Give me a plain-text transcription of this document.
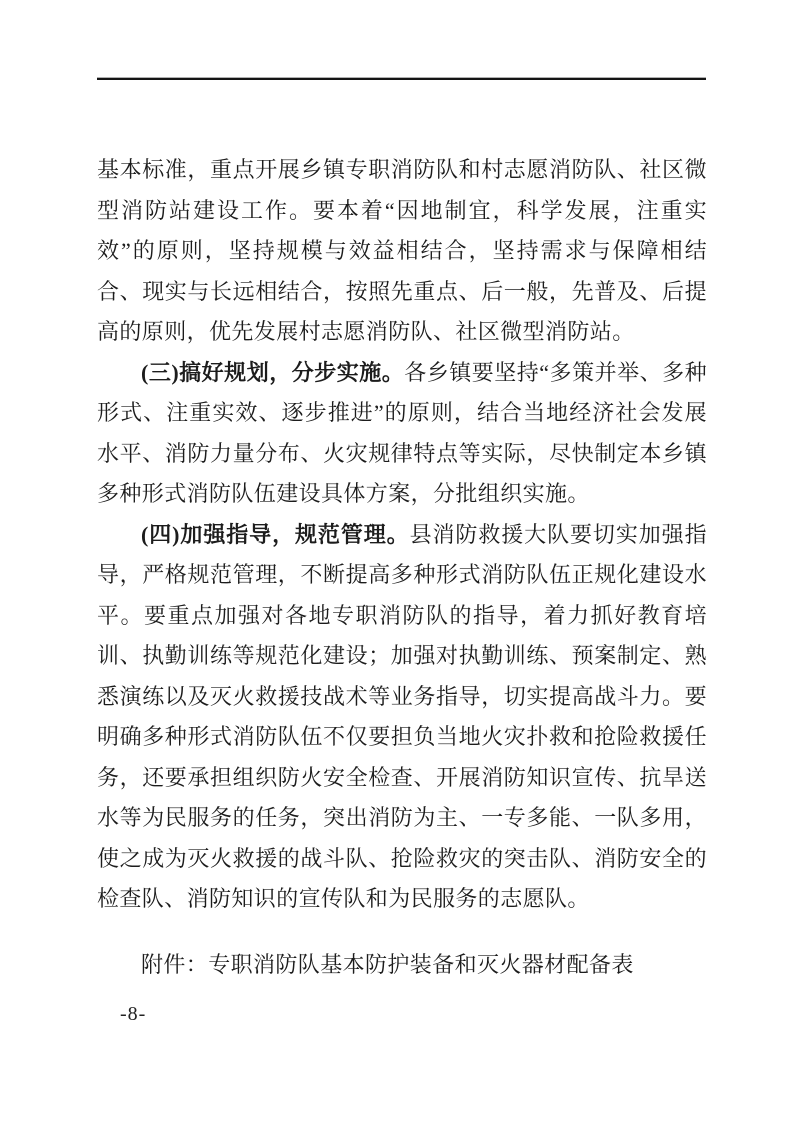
基本标准，重点开展乡镇专职消防队和村志愿消防队、社区微型消防站建设工作。要本着“因地制宜，科学发展，注重实效”的原则，坚持规模与效益相结合，坚持需求与保障相结合、现实与长远相结合，按照先重点、后一般，先普及、后提高的原则，优先发展村志愿消防队、社区微型消防站。

(三)搞好规划，分步实施。各乡镇要坚持“多策并举、多种形式、注重实效、逐步推进”的原则，结合当地经济社会发展水平、消防力量分布、火灾规律特点等实际，尽快制定本乡镇多种形式消防队伍建设具体方案，分批组织实施。

(四)加强指导，规范管理。县消防救援大队要切实加强指导，严格规范管理，不断提高多种形式消防队伍正规化建设水平。要重点加强对各地专职消防队的指导，着力抓好教育培训、执勤训练等规范化建设；加强对执勤训练、预案制定、熟悉演练以及灭火救援技战术等业务指导，切实提高战斗力。要明确多种形式消防队伍不仅要担负当地火灾扑救和抢险救援任务，还要承担组织防火安全检查、开展消防知识宣传、抗旱送水等为民服务的任务，突出消防为主、一专多能、一队多用，使之成为灭火救援的战斗队、抢险救灾的突击队、消防安全的检查队、消防知识的宣传队和为民服务的志愿队。

附件：专职消防队基本防护装备和灭火器材配备表

-8-
